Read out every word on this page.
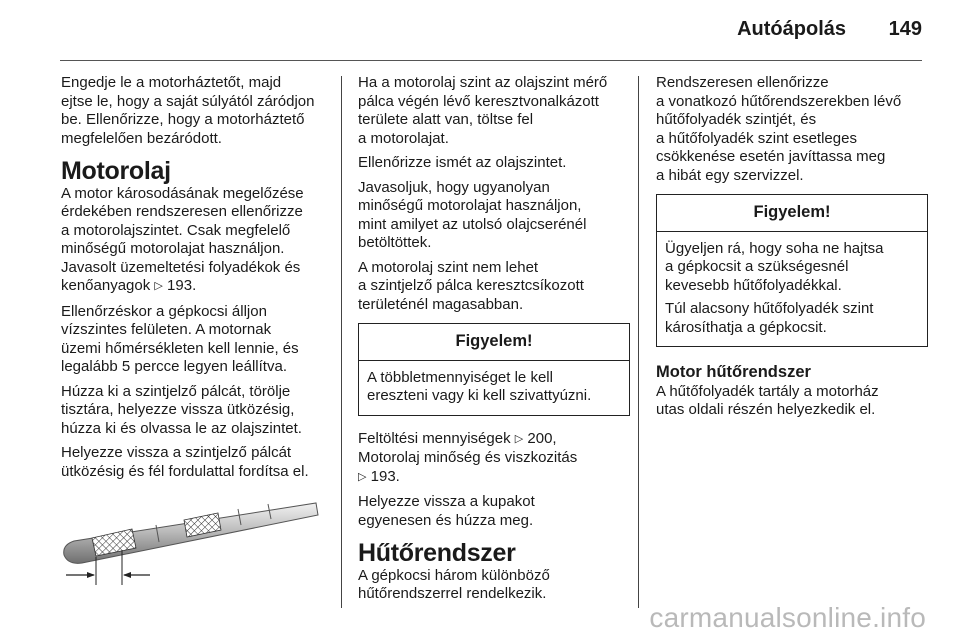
Autóápolás 149

Engedje le a motorháztetőt, majd
ejtse le, hogy a saját súlyától záródjon
be. Ellenőrizze, hogy a motorháztető
megfelelően bezáródott.

Motorolaj

A motor károsodásának megelőzése
érdekében rendszeresen ellenőrizze
a motorolajszintet. Csak megfelelő
minőségű motorolajat használjon.
Javasolt üzemeltetési folyadékok és
kenőanyagok ▷ 193.

Ellenőrzéskor a gépkocsi álljon
vízszintes felületen. A motornak
üzemi hőmérsékleten kell lennie, és
legalább 5 percce legyen leállítva.

Húzza ki a szintjelző pálcát, törölje
tisztára, helyezze vissza ütközésig,
húzza ki és olvassa le az olajszintet.

Helyezze vissza a szintjelző pálcát
ütközésig és fél fordulattal fordítsa el.

Ha a motorolaj szint az olajszint mérő
pálca végén lévő keresztvonalkázott
területe alatt van, töltse fel
a motorolajat.

Ellenőrizze ismét az olajszintet.

Javasoljuk, hogy ugyanolyan
minőségű motorolajat használjon,
mint amilyet az utolsó olajcserénél
betöltöttek.

A motorolaj szint nem lehet
a szintjelző pálca keresztcsíkozott
területénél magasabban.

Figyelem!

A többletmennyiséget le kell
ereszteni vagy ki kell szivattyúzni.

Feltöltési mennyiségek ▷ 200,
Motorolaj minőség és viszkozitás
▷ 193.

Helyezze vissza a kupakot
egyenesen és húzza meg.

Hűtőrendszer

A gépkocsi három különböző
hűtőrendszerrel rendelkezik.

Rendszeresen ellenőrizze
a vonatkozó hűtőrendszerekben lévő
hűtőfolyadék szintjét, és
a hűtőfolyadék szint esetleges
csökkenése esetén javíttassa meg
a hibát egy szervizzel.

Figyelem!

Ügyeljen rá, hogy soha ne hajtsa
a gépkocsit a szükségesnél
kevesebb hűtőfolyadékkal.

Túl alacsony hűtőfolyadék szint
károsíthatja a gépkocsit.

Motor hűtőrendszer

A hűtőfolyadék tartály a motorház
utas oldali részén helyezkedik el.

carmanualsonline.info
